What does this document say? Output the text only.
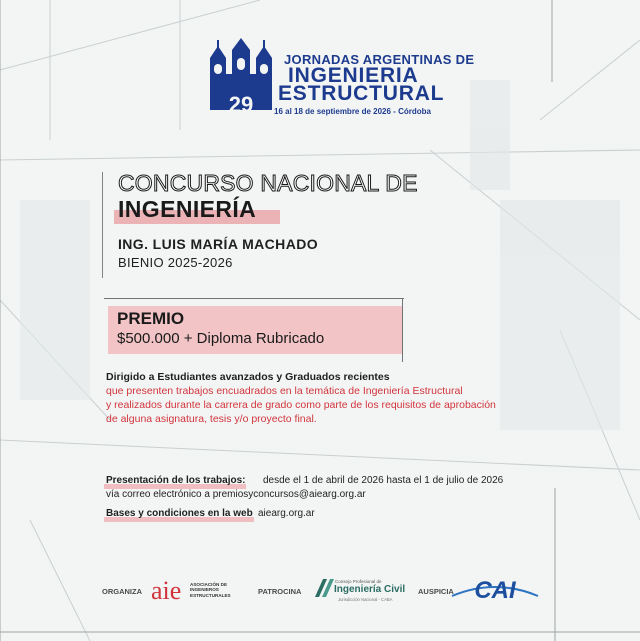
29
JORNADAS ARGENTINAS DE
INGENIERIA
ESTRUCTURAL
16 al 18 de septiembre de 2026 - Córdoba
CONCURSO NACIONAL DE
INGENIERÍA
ING. LUIS MARÍA MACHADO
BIENIO 2025-2026
PREMIO
$500.000 + Diploma Rubricado
Dirigido a Estudiantes avanzados y Graduados recientes
que presenten trabajos encuadrados en la temática de Ingeniería Estructural
y realizados durante la carrera de grado como parte de los requisitos de aprobación
de alguna asignatura, tesis y/o proyecto final.
Presentación de los trabajos: desde el 1 de abril de 2026 hasta el 1 de julio de 2026
vía correo electrónico a premiosyconcursos@aiearg.org.ar
Bases y condiciones en la web aiearg.org.ar
ORGANIZA aie ASOCIACIÓN DE
INGENIEROS
ESTRUCTURALES	PATROCINA
Consejo Profesional de
Ingeniería Civil
Jurisdicción Nacional - CABA
AUSPICIA CAI
